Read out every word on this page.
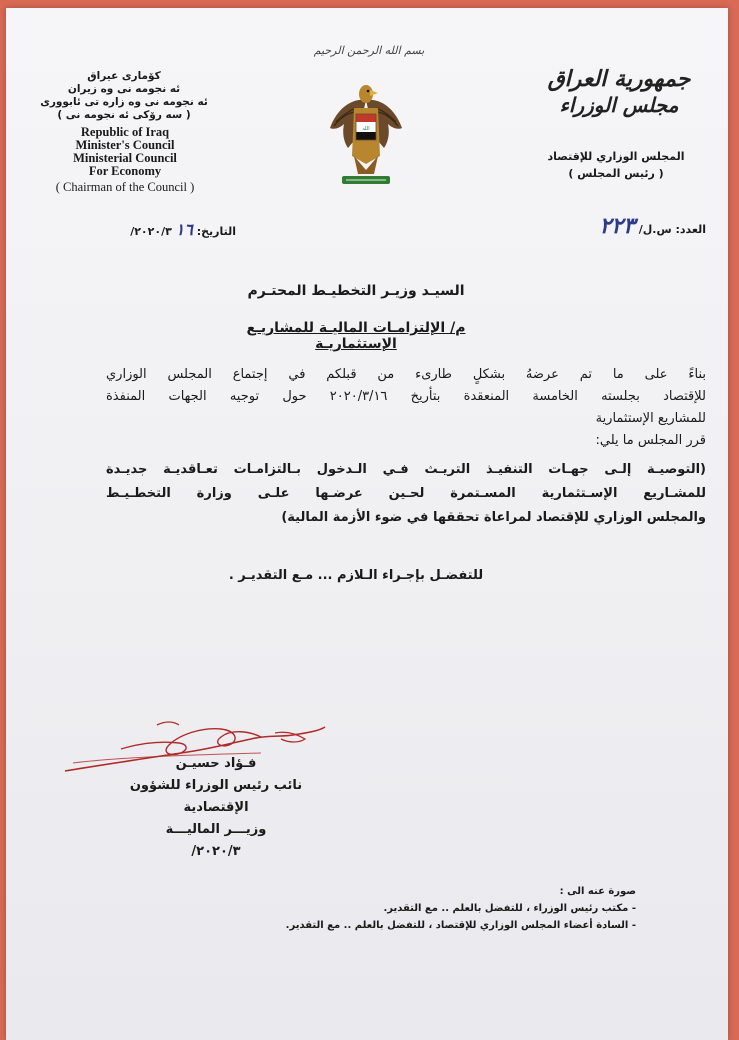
كۆماری عیراق
ئه نجومه نی وه زیران
ئه نجومه نی وه زاره تی ئابووری
( سه رۆكی ئه نجومه نی )
Republic of Iraq
Minister's Council
Ministerial Council
For Economy
( Chairman of the Council )
بسم الله الرحمن الرحيم
الله
جمهورية العراق
مجلس الوزراء
المجلس الوزاري للإقتصاد
( رئيس المجلس )
العدد: س.ل/ ٢٢٣
التاريخ: ١٦ ٢٠٢٠/٣/
السيـد وزيـر التخطيـط المحتـرم
م/ الإلتزامـات الماليـة للمشاريـع الإستثماريـة
بناءً على ما تم عرضهُ بشكلٍ طارىء من قبلكم في إجتماع المجلس الوزاري
للإقتصاد بجلسته الخامسة المنعقدة بتأريخ ٢٠٢٠/٣/١٦ حول توجيه الجهات المنفذة
للمشاريع الإستثمارية
قرر المجلس ما يلي:
(التوصيـة إلـى جهـات التنفيـذ التريـث فـي الـدخول بـالتزامـات تعـاقديـة جديـدة
للمشـاريع الإسـتثمارية المسـتمرة لحـين عرضـها علـى وزارة التخطـيـط
والمجلس الوزاري للإقتصاد لمراعاة تحققها في ضوء الأزمة المالية)
للتفضـل بإجـراء الـلازم ... مـع التقديـر .
فـؤاد حسيـن
نائب رئيس الوزراء للشؤون الإقتصادية
وزيـــر الماليـــة
٢٠٢٠/٣/
صورة عنه الى :
- مكتب رئيس الوزراء ، للتفضل بالعلم .. مع التقدير.
- السادة أعضاء المجلس الوزاري للإقتصاد ، للتفضل بالعلم .. مع التقدير.
